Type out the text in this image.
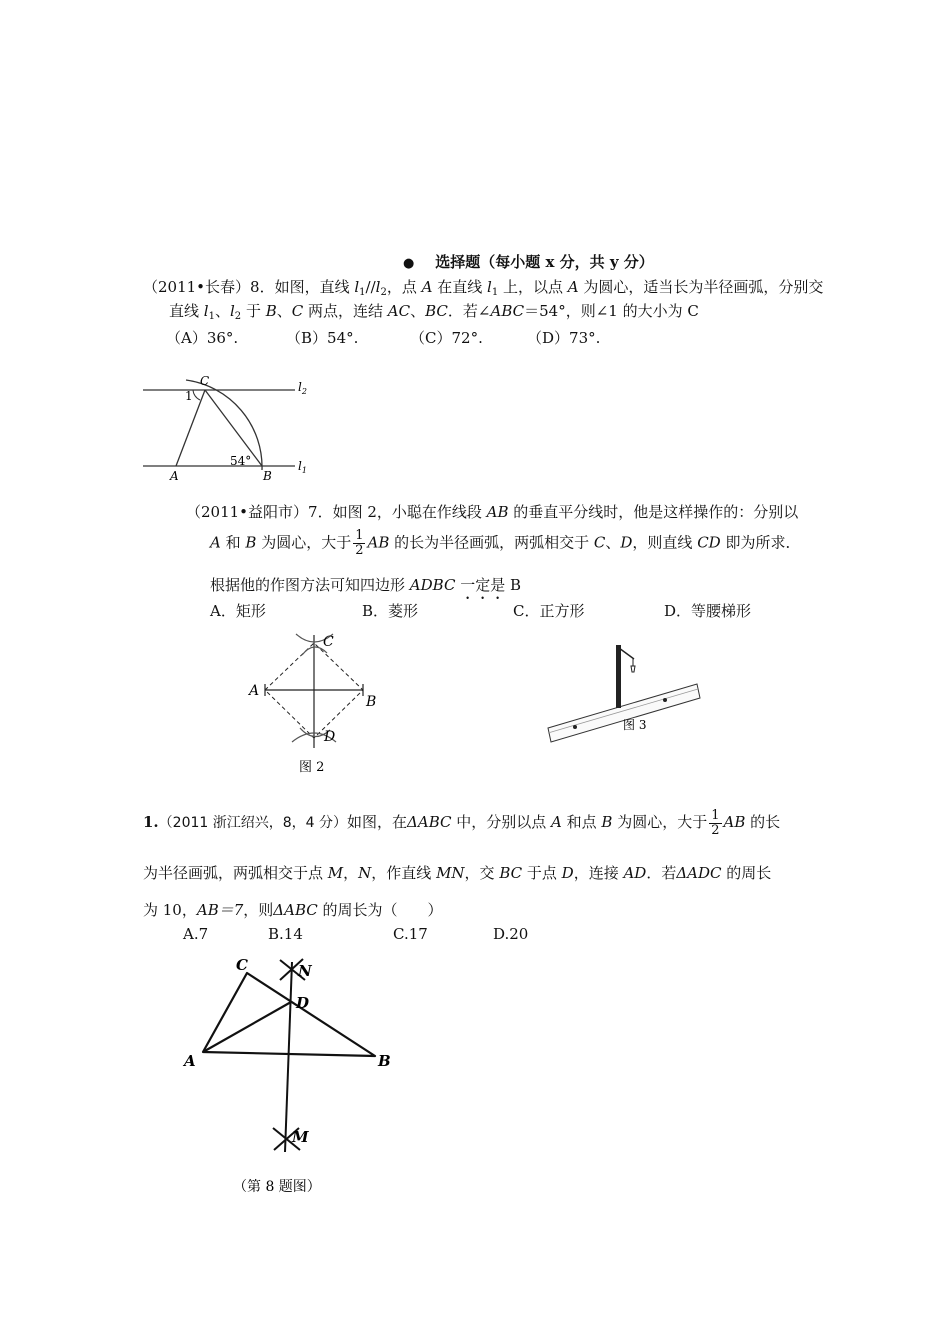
● 选择题（每小题 x 分，共 y 分）
（2011•长春）8．如图，直线 $l_1//l_2$，点 A 在直线 $l_1$ 上，以点 A 为圆心，适当长为半径画弧，分别交
直线 $l_1$、$l_2$ 于 B、C 两点，连结 AC、BC．若∠ABC＝54°，则∠1 的大小为 C
（A）36°.	（B）54°.	（C）72°.	（D）73°.
C
1
54°
A	B
$l_2$
$l_1$
（2011•益阳市）7．如图 2，小聪在作线段 AB 的垂直平分线时，他是这样操作的：分别以
A 和 B 为圆心，大于 $\frac{1}{2}$ AB 的长为半径画弧，两弧相交于 C、D，则直线 CD 即为所求．
根据他的作图方法可知四边形 ADBC 一定是 B
A．矩形	B．菱形	C．正方形	D．等腰梯形
C
A
B
D
图 2
图 3
1.（2011 浙江绍兴，8，4 分）如图，在ΔABC 中，分别以点 A 和点 B 为圆心，大于 $\frac{1}{2}$ AB 的长
为半径画弧，两弧相交于点 M，N，作直线 MN，交 BC 于点 D，连接 AD．若ΔADC 的周长
为 10，AB＝7，则ΔABC 的周长为（　　）
A.7	B.14	C.17	D.20
C	N
D
A	B
M
（第 8 题图）
